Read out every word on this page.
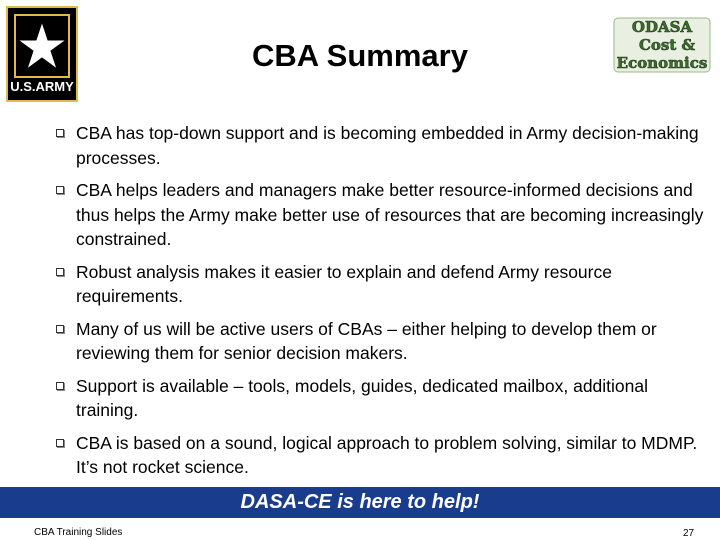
U.S.ARMY
CBA Summary
ODASA
Cost &
Economics
CBA has top-down support and is becoming embedded in Army decision-making processes.
CBA helps leaders and managers make better resource-informed decisions and thus helps the Army make better use of resources that are becoming increasingly constrained.
Robust analysis makes it easier to explain and defend Army resource requirements.
Many of us will be active users of CBAs – either helping to develop them or reviewing them for senior decision makers.
Support is available – tools, models, guides, dedicated mailbox, additional training.
CBA is based on a sound, logical approach to problem solving, similar to MDMP. It’s not rocket science.
DASA-CE is here to help!
CBA Training Slides	27
